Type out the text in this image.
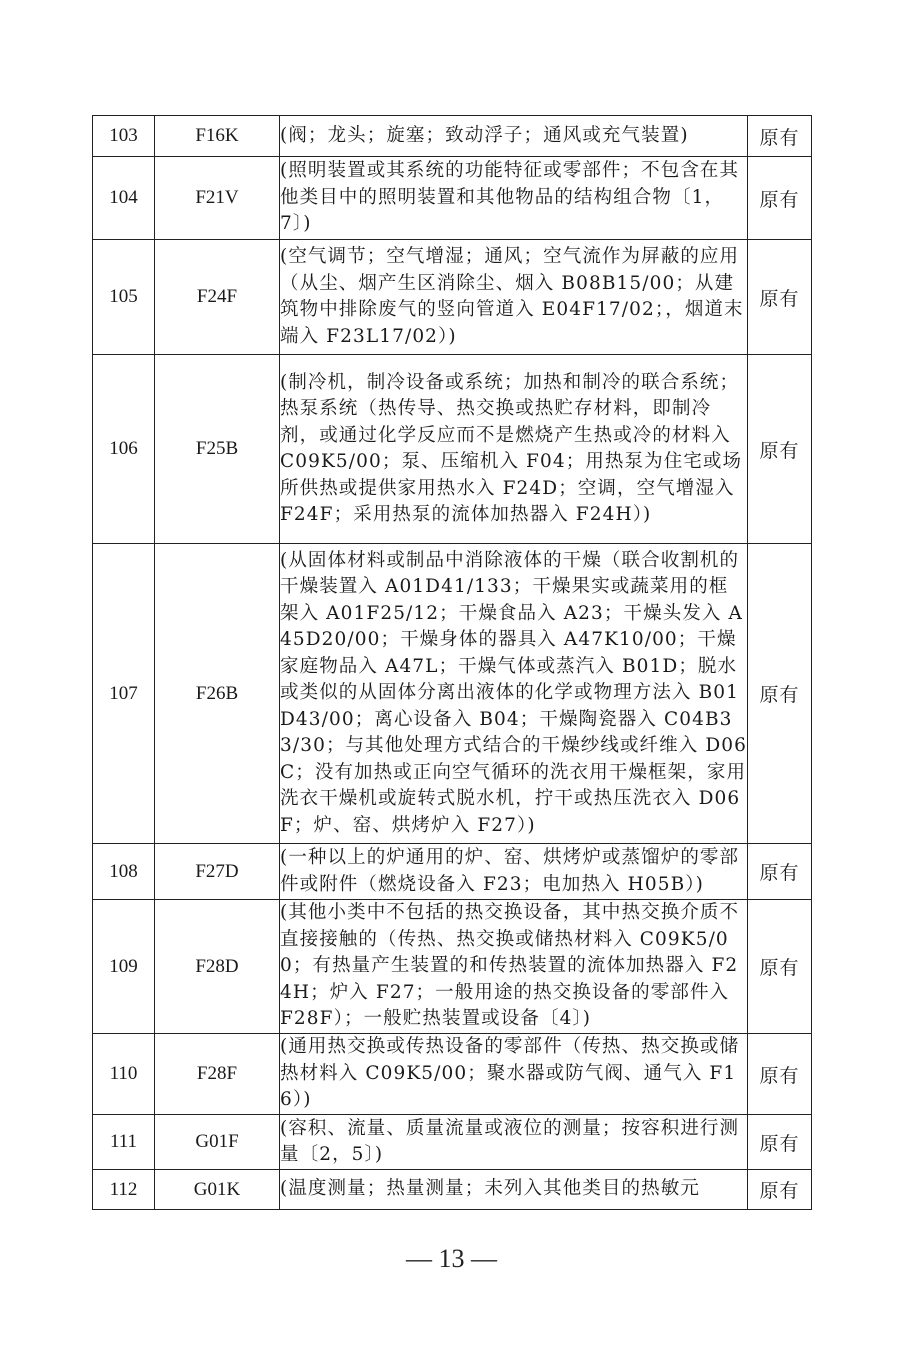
103	F16K	(阀；龙头；旋塞；致动浮子；通风或充气装置)	原有
104	F21V	(照明装置或其系统的功能特征或零部件；不包含在其他类目中的照明装置和其他物品的结构组合物〔1，7〕)	原有
105	F24F	(空气调节；空气增湿；通风；空气流作为屏蔽的应用（从尘、烟产生区消除尘、烟入 B08B15/00；从建筑物中排除废气的竖向管道入 E04F17/02；，烟道末端入 F23L17/02）)	原有
106	F25B	(制冷机，制冷设备或系统；加热和制冷的联合系统；热泵系统（热传导、热交换或热贮存材料，即制冷剂，或通过化学反应而不是燃烧产生热或冷的材料入 C09K5/00；泵、压缩机入 F04；用热泵为住宅或场所供热或提供家用热水入 F24D；空调，空气增湿入 F24F；采用热泵的流体加热器入 F24H）)	原有
107	F26B	(从固体材料或制品中消除液体的干燥（联合收割机的干燥装置入 A01D41/133；干燥果实或蔬菜用的框架入 A01F25/12；干燥食品入 A23；干燥头发入 A45D20/00；干燥身体的器具入 A47K10/00；干燥家庭物品入 A47L；干燥气体或蒸汽入 B01D；脱水或类似的从固体分离出液体的化学或物理方法入 B01D43/00；离心设备入 B04；干燥陶瓷器入 C04B33/30；与其他处理方式结合的干燥纱线或纤维入 D06C；没有加热或正向空气循环的洗衣用干燥框架，家用洗衣干燥机或旋转式脱水机，拧干或热压洗衣入 D06F；炉、窑、烘烤炉入 F27）)	原有
108	F27D	(一种以上的炉通用的炉、窑、烘烤炉或蒸馏炉的零部件或附件（燃烧设备入 F23；电加热入 H05B）)	原有
109	F28D	(其他小类中不包括的热交换设备，其中热交换介质不直接接触的（传热、热交换或储热材料入 C09K5/00；有热量产生装置的和传热装置的流体加热器入 F24H；炉入 F27；一般用途的热交换设备的零部件入 F28F）；一般贮热装置或设备〔4〕)	原有
110	F28F	(通用热交换或传热设备的零部件（传热、热交换或储热材料入 C09K5/00；聚水器或防气阀、通气入 F16）)	原有
111	G01F	(容积、流量、质量流量或液位的测量；按容积进行测量〔2，5〕)	原有
112	G01K	(温度测量；热量测量；未列入其他类目的热敏元	原有
— 13 —
